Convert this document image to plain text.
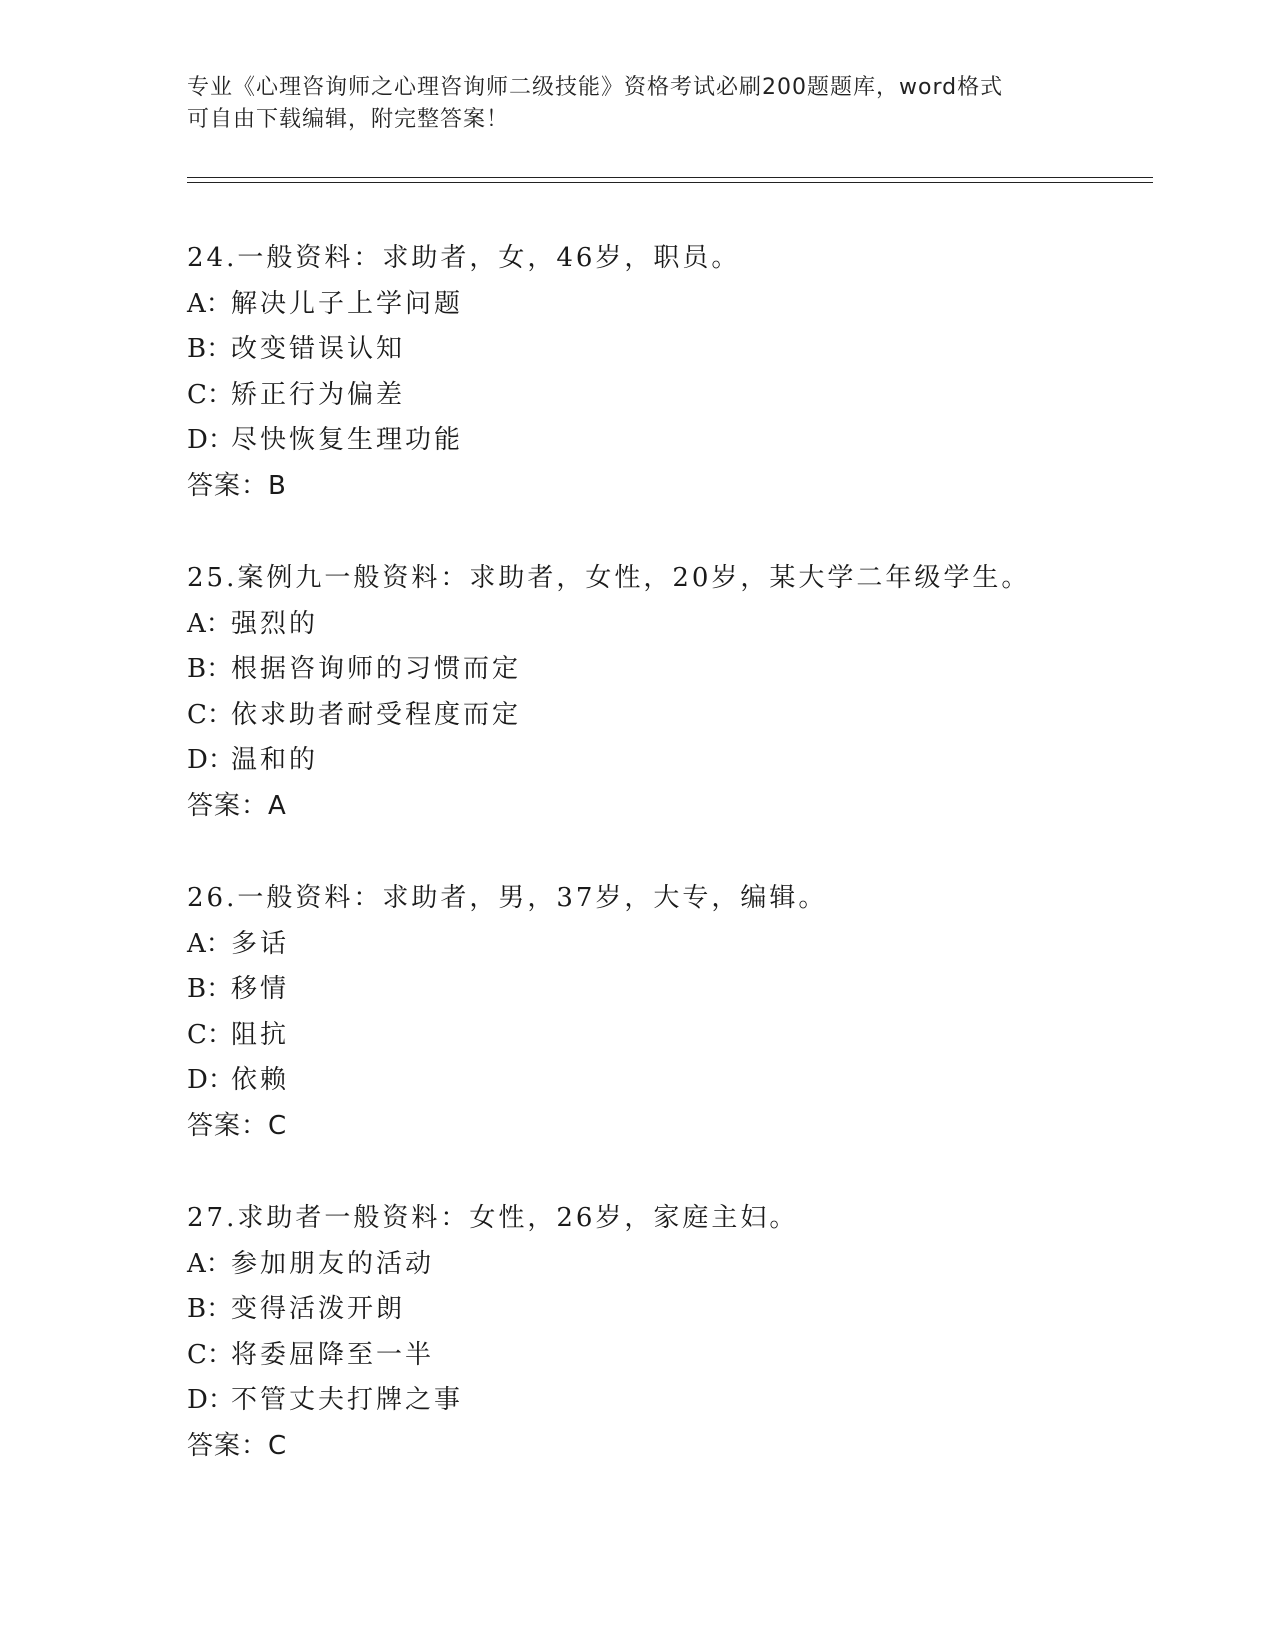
专业《心理咨询师之心理咨询师二级技能》资格考试必刷200题题库，word格式
可自由下载编辑，附完整答案！
24.一般资料：求助者，女，46岁，职员。
A：解决儿子上学问题
B：改变错误认知
C：矫正行为偏差
D：尽快恢复生理功能
答案：B
25.案例九一般资料：求助者，女性，20岁，某大学二年级学生。
A：强烈的
B：根据咨询师的习惯而定
C：依求助者耐受程度而定
D：温和的
答案：A
26.一般资料：求助者，男，37岁，大专，编辑。
A：多话
B：移情
C：阻抗
D：依赖
答案：C
27.求助者一般资料：女性，26岁，家庭主妇。
A：参加朋友的活动
B：变得活泼开朗
C：将委屈降至一半
D：不管丈夫打牌之事
答案：C
